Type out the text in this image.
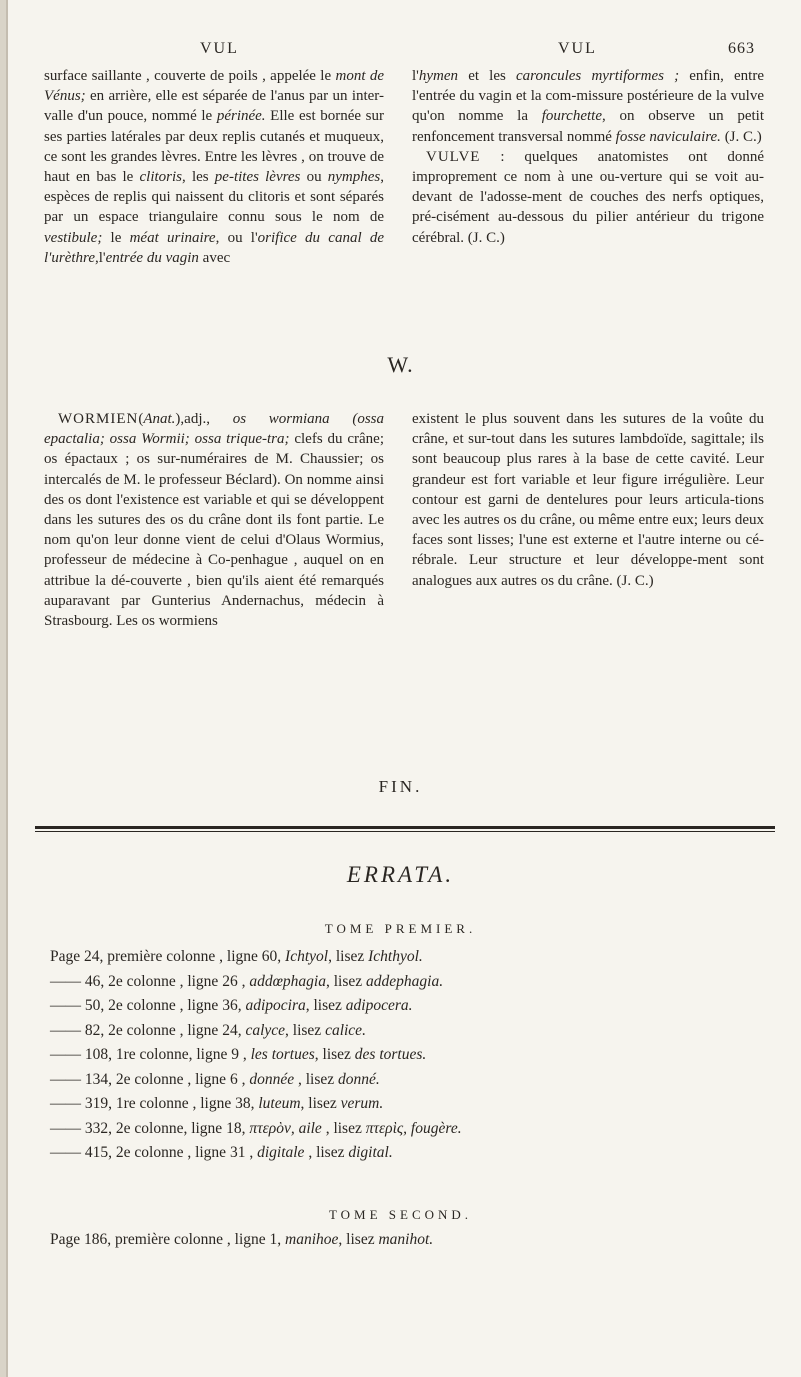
VUL	VUL	663

surface saillante , couverte de poils , appelée le mont de Vénus; en arrière, elle est séparée de l'anus par un inter-valle d'un pouce, nommé le périnée. Elle est bornée sur ses parties latérales par deux replis cutanés et muqueux, ce sont les grandes lèvres. Entre les lèvres , on trouve de haut en bas le clitoris, les pe-tites lèvres ou nymphes, espèces de replis qui naissent du clitoris et sont séparés par un espace triangulaire connu sous le nom de vestibule; le méat urinaire, ou l'orifice du canal de l'urèthre,l'entrée du vagin avec

l'hymen et les caroncules myrtiformes ; enfin, entre l'entrée du vagin et la com-missure postérieure de la vulve qu'on nomme la fourchette, on observe un petit renfoncement transversal nommé fosse naviculaire. (J. C.)

VULVE : quelques anatomistes ont donné improprement ce nom à une ou-verture qui se voit au-devant de l'adosse-ment de couches des nerfs optiques, pré-cisément au-dessous du pilier antérieur du trigone cérébral. (J. C.)

W.

WORMIEN(Anat.),adj., os wormiana (ossa epactalia; ossa Wormii; ossa trique-tra; clefs du crâne; os épactaux ; os sur-numéraires de M. Chaussier; os intercalés de M. le professeur Béclard). On nomme ainsi des os dont l'existence est variable et qui se développent dans les sutures des os du crâne dont ils font partie. Le nom qu'on leur donne vient de celui d'Olaus Wormius, professeur de médecine à Co-penhague , auquel on en attribue la dé-couverte , bien qu'ils aient été remarqués auparavant par Gunterius Andernachus, médecin à Strasbourg. Les os wormiens

existent le plus souvent dans les sutures de la voûte du crâne, et sur-tout dans les sutures lambdoïde, sagittale; ils sont beaucoup plus rares à la base de cette cavité. Leur grandeur est fort variable et leur figure irrégulière. Leur contour est garni de dentelures pour leurs articula-tions avec les autres os du crâne, ou même entre eux; leurs deux faces sont lisses; l'une est externe et l'autre interne ou cé-rébrale. Leur structure et leur développe-ment sont analogues aux autres os du crâne. (J. C.)

FIN.
ERRATA.
TOME PREMIER.
Page 24, première colonne , ligne 60, Ichtyol, lisez Ichthyol.
—— 46, 2e colonne , ligne 26 , addœphagia, lisez addephagia.
—— 50, 2e colonne , ligne 36, adipocira, lisez adipocera.
—— 82, 2e colonne , ligne 24, calyce, lisez calice.
—— 108, 1re colonne, ligne 9 , les tortues, lisez des tortues.
—— 134, 2e colonne , ligne 6 , donnée , lisez donné.
—— 319, 1re colonne , ligne 38, luteum, lisez verum.
—— 332, 2e colonne, ligne 18, πτερὸν, aile , lisez πτερὶς, fougère.
—— 415, 2e colonne , ligne 31 , digitale , lisez digital.
TOME SECOND.
Page 186, première colonne , ligne 1, manihoe, lisez manihot.
